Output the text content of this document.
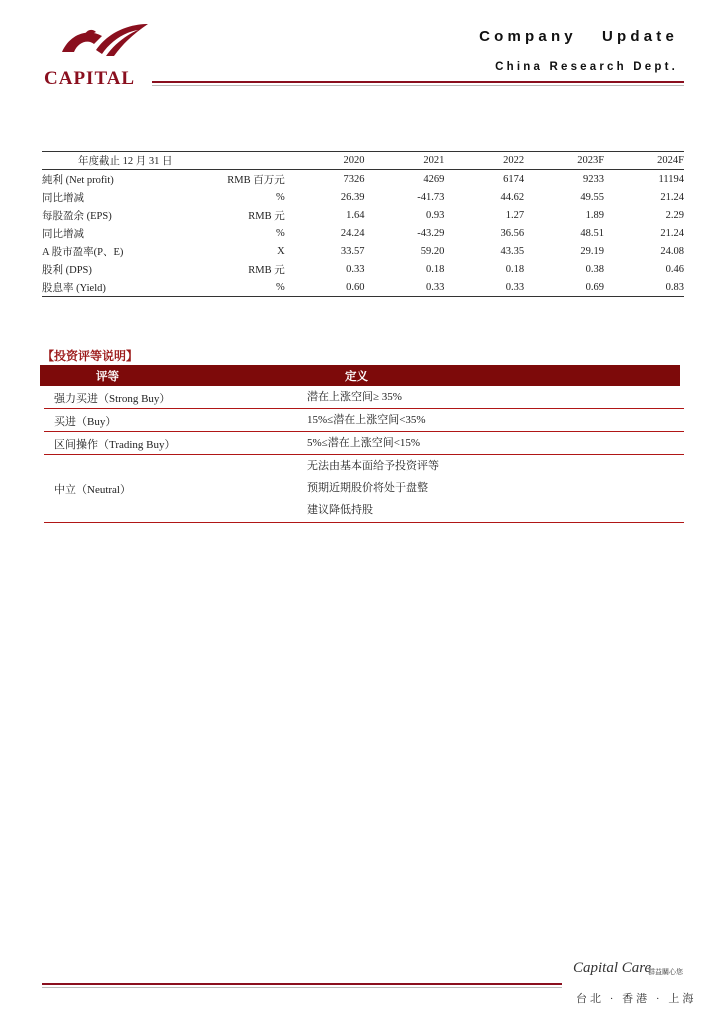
CAPITAL
Company   Update
China Research Dept.
年度截止 12 月 31 日		2020	2021	2022	2023F	2024F
純利 (Net profit)	RMB 百万元	7326	4269	6174	9233	11194
同比增减	%	26.39	-41.73	44.62	49.55	21.24
每股盈余 (EPS)	RMB 元	1.64	0.93	1.27	1.89	2.29
同比增减	%	24.24	-43.29	36.56	48.51	21.24
A 股市盈率(P、E)	X	33.57	59.20	43.35	29.19	24.08
股利 (DPS)	RMB 元	0.33	0.18	0.18	0.38	0.46
股息率 (Yield)	%	0.60	0.33	0.33	0.69	0.83
【投资评等说明】
评等	定义
强力买进（Strong Buy）	潜在上涨空间≥ 35%
买进（Buy）	15%≤潜在上涨空间<35%
区间操作（Trading Buy）	5%≤潜在上涨空间<15%
中立（Neutral）
无法由基本面给予投资评等
预期近期股价将处于盘整
建议降低持股
Capital Care
群益關心您
台北 · 香港 · 上海
